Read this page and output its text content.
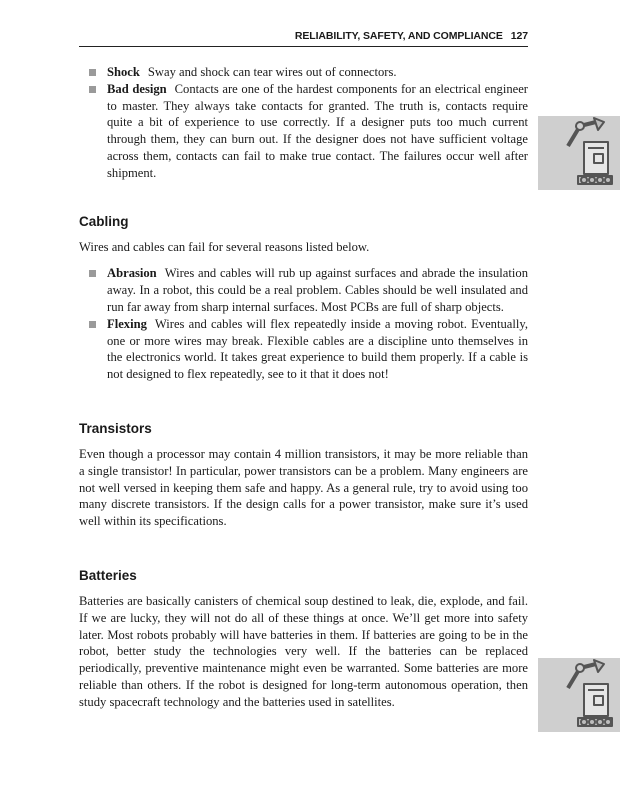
RELIABILITY, SAFETY, AND COMPLIANCE 127
Shock Sway and shock can tear wires out of connectors.
Bad design Contacts are one of the hardest components for an electrical engineer to master. They always take contacts for granted. The truth is, contacts require quite a bit of experience to use correctly. If a designer puts too much current through them, they can burn out. If the designer does not have sufficient voltage across them, contacts can fail to make true contact. The failures occur well after shipment.
Cabling

Wires and cables can fail for several reasons listed below.

Abrasion Wires and cables will rub up against surfaces and abrade the insulation away. In a robot, this could be a real problem. Cables should be well insulated and run far away from sharp internal surfaces. Most PCBs are full of sharp objects.
Flexing Wires and cables will flex repeatedly inside a moving robot. Eventually, one or more wires may break. Flexible cables are a discipline unto themselves in the electronics world. It takes great experience to build them properly. If a cable is not designed to flex repeatedly, see to it that it does not!
Transistors

Even though a processor may contain 4 million transistors, it may be more reliable than a single transistor! In particular, power transistors can be a problem. Many engineers are not well versed in keeping them safe and happy. As a general rule, try to avoid using too many discrete transistors. If the design calls for a power transistor, make sure it’s used well within its specifications.

Batteries

Batteries are basically canisters of chemical soup destined to leak, die, explode, and fail. If we are lucky, they will not do all of these things at once. We’ll get more into safety later. Most robots probably will have batteries in them. If batteries are going to be in the robot, better study the technologies very well. If the batteries can be replaced periodically, preventive maintenance might even be warranted. Some batteries are more reliable than others. If the robot is designed for long-term autonomous operation, then study spacecraft technology and the batteries used in satellites.
